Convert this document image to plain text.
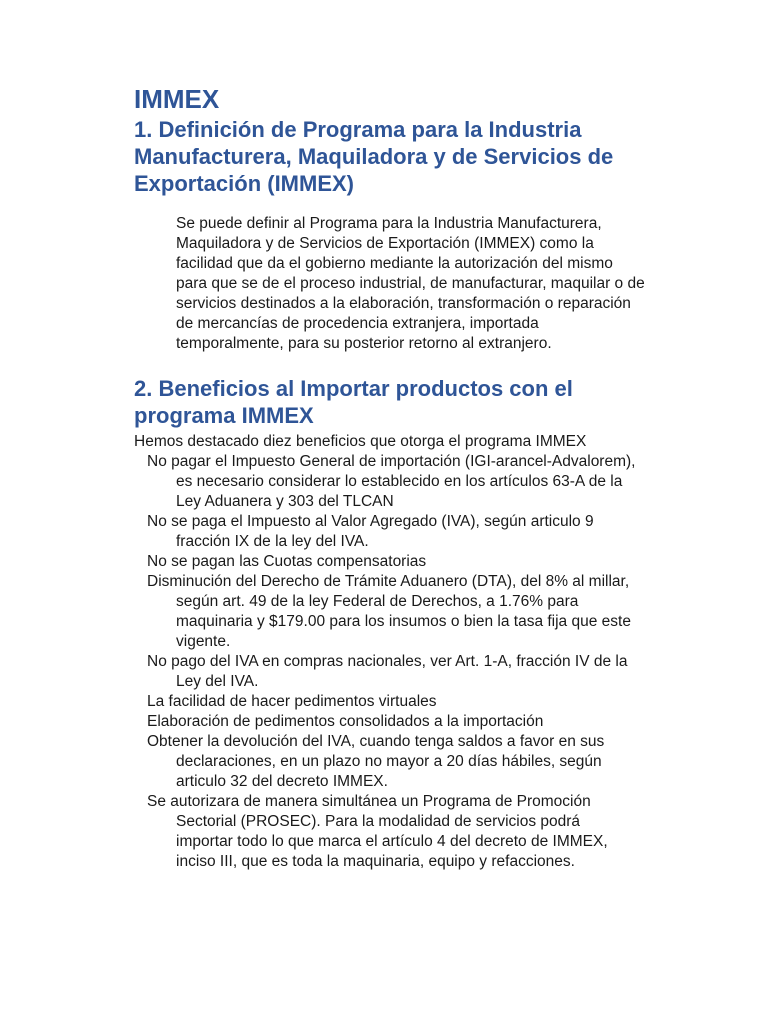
IMMEX
1. Definición de Programa para la Industria Manufacturera, Maquiladora y de Servicios de Exportación (IMMEX)

Se puede definir al Programa para la Industria Manufacturera, Maquiladora y de Servicios de Exportación (IMMEX) como la facilidad que da el gobierno mediante la autorización del mismo para que se de el proceso industrial, de manufacturar, maquilar o de servicios destinados a la elaboración, transformación o reparación de mercancías de procedencia extranjera, importada temporalmente, para su posterior retorno al extranjero.

2. Beneficios al Importar productos con el programa IMMEX

Hemos destacado diez beneficios que otorga el programa IMMEX

No pagar el Impuesto General de importación (IGI-arancel-Advalorem), es necesario considerar lo establecido en los artículos 63-A de la Ley Aduanera y 303 del TLCAN
No se paga el Impuesto al Valor Agregado (IVA), según articulo 9 fracción IX de la ley del IVA.
No se pagan las Cuotas compensatorias
Disminución del Derecho de Trámite Aduanero (DTA), del 8% al millar, según art. 49 de la ley Federal de Derechos, a 1.76% para maquinaria y $179.00 para los insumos o bien la tasa fija que este vigente.
No pago del IVA en compras nacionales, ver Art. 1-A, fracción IV de la Ley del IVA.
La facilidad de hacer pedimentos virtuales
Elaboración de pedimentos consolidados a la importación
Obtener la devolución del IVA, cuando tenga saldos a favor en sus declaraciones, en un plazo no mayor a 20 días hábiles, según articulo 32 del decreto IMMEX.
Se autorizara de manera simultánea un Programa de Promoción Sectorial (PROSEC). Para la modalidad de servicios podrá importar todo lo que marca el artículo 4 del decreto de IMMEX, inciso III, que es toda la maquinaria, equipo y refacciones.
